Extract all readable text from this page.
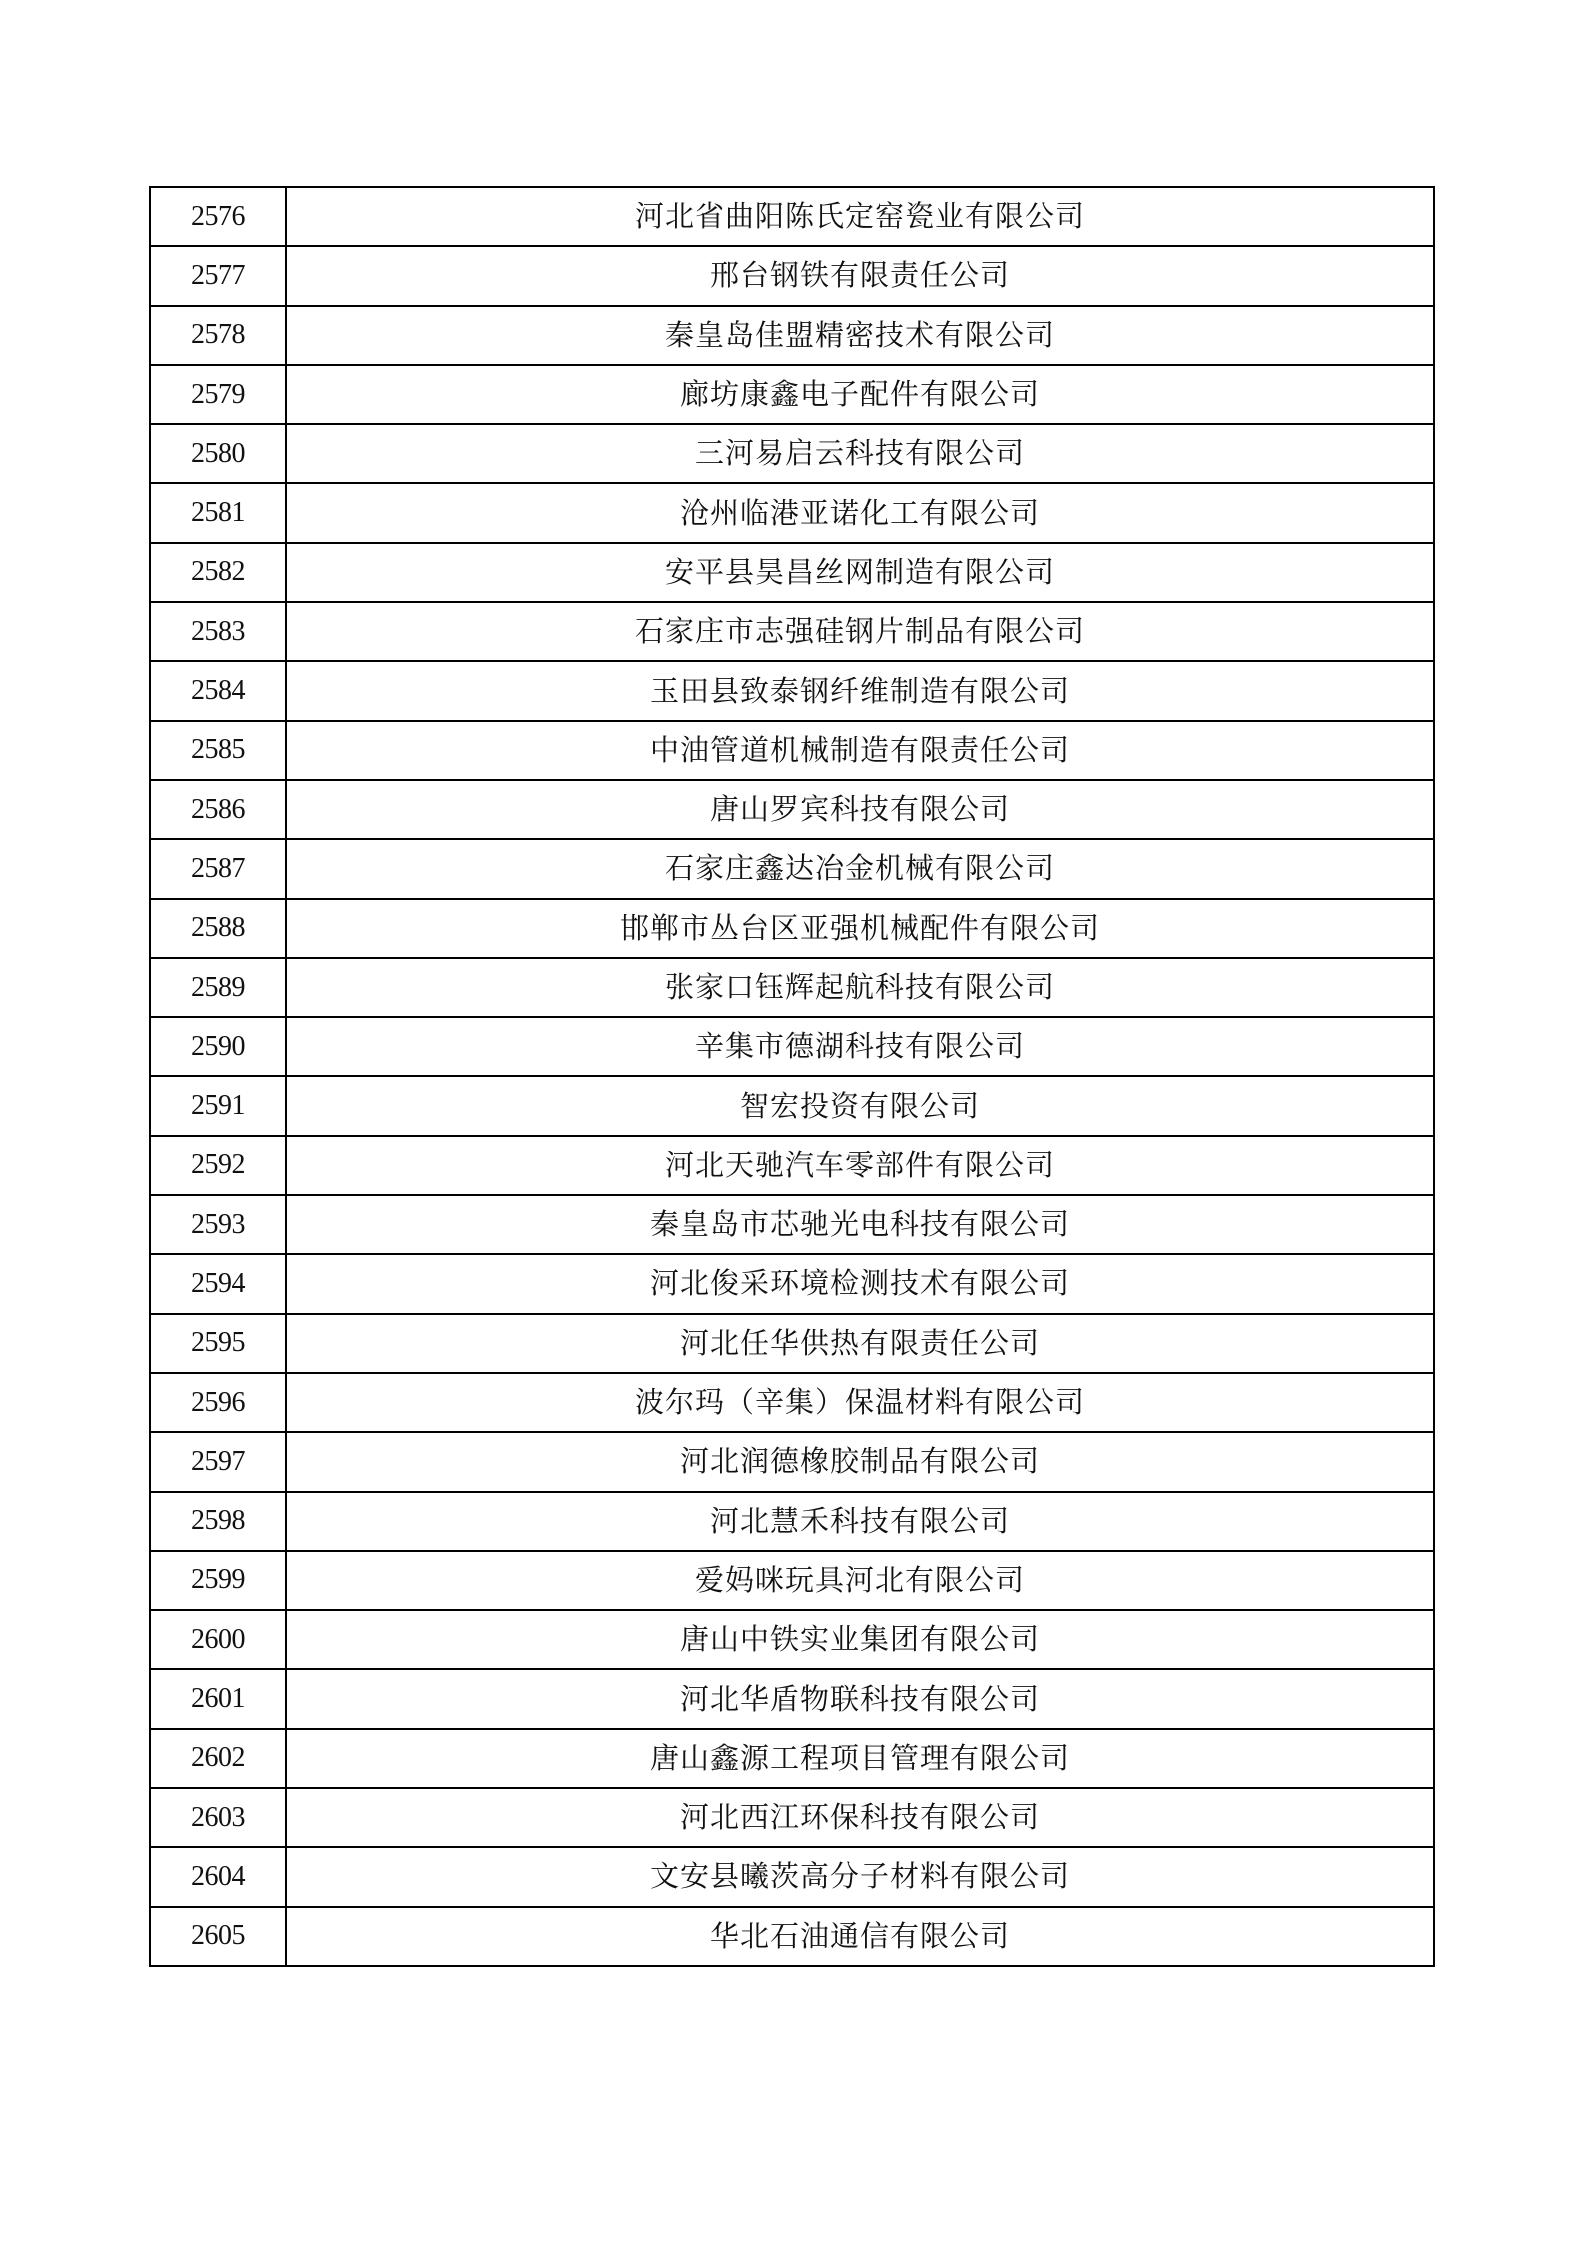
2576	河北省曲阳陈氏定窑瓷业有限公司
2577	邢台钢铁有限责任公司
2578	秦皇岛佳盟精密技术有限公司
2579	廊坊康鑫电子配件有限公司
2580	三河易启云科技有限公司
2581	沧州临港亚诺化工有限公司
2582	安平县昊昌丝网制造有限公司
2583	石家庄市志强硅钢片制品有限公司
2584	玉田县致泰钢纤维制造有限公司
2585	中油管道机械制造有限责任公司
2586	唐山罗宾科技有限公司
2587	石家庄鑫达冶金机械有限公司
2588	邯郸市丛台区亚强机械配件有限公司
2589	张家口钰辉起航科技有限公司
2590	辛集市德湖科技有限公司
2591	智宏投资有限公司
2592	河北天驰汽车零部件有限公司
2593	秦皇岛市芯驰光电科技有限公司
2594	河北俊采环境检测技术有限公司
2595	河北任华供热有限责任公司
2596	波尔玛（辛集）保温材料有限公司
2597	河北润德橡胶制品有限公司
2598	河北慧禾科技有限公司
2599	爱妈咪玩具河北有限公司
2600	唐山中铁实业集团有限公司
2601	河北华盾物联科技有限公司
2602	唐山鑫源工程项目管理有限公司
2603	河北西江环保科技有限公司
2604	文安县曦茨高分子材料有限公司
2605	华北石油通信有限公司
